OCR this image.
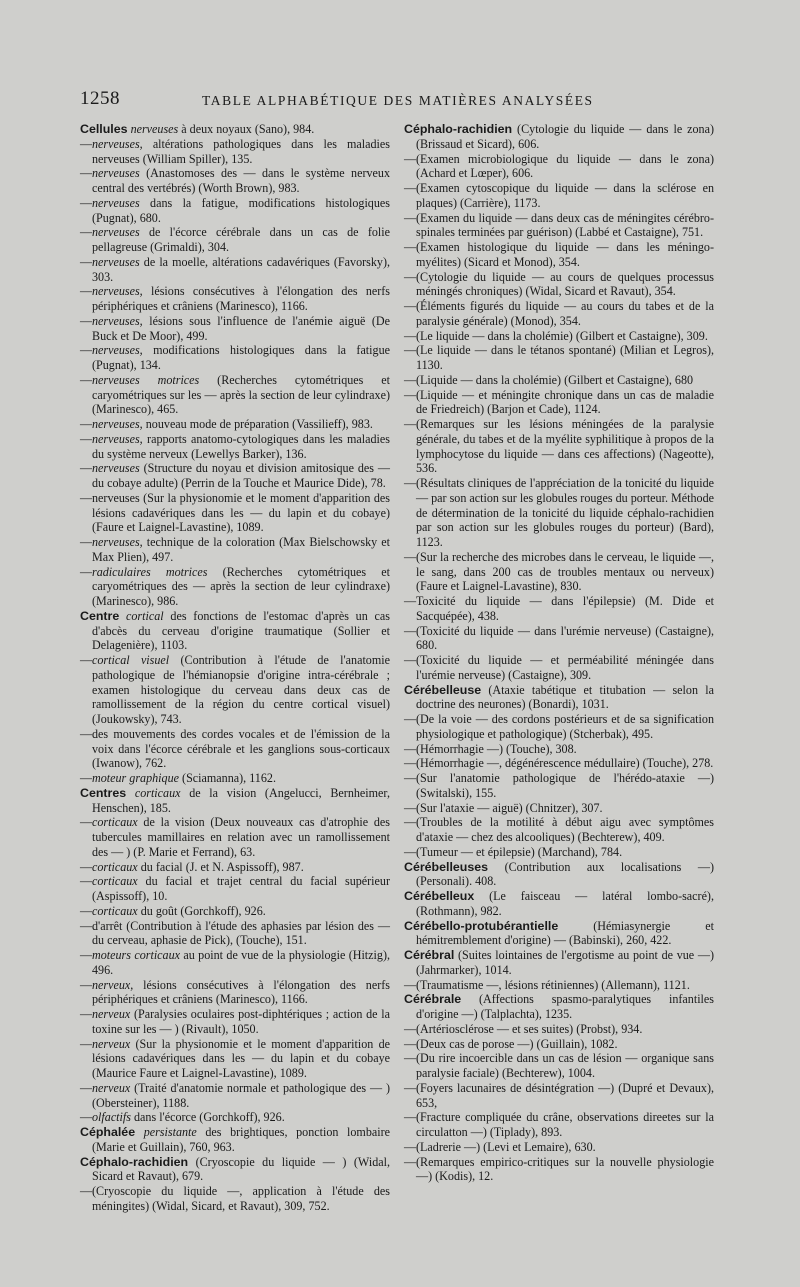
1258	TABLE ALPHABÉTIQUE DES MATIÈRES ANALYSÉES
Cellules nerveuses à deux noyaux (Sano), 984.
—nerveuses, altérations pathologiques dans les maladies nerveuses (William Spiller), 135.
—nerveuses (Anastomoses des — dans le système nerveux central des vertébrés) (Worth Brown), 983.
—nerveuses dans la fatigue, modifications histologiques (Pugnat), 680.
—nerveuses de l'écorce cérébrale dans un cas de folie pellagreuse (Grimaldi), 304.
—nerveuses de la moelle, altérations cadavériques (Favorsky), 303.
—nerveuses, lésions consécutives à l'élongation des nerfs périphériques et crâniens (Marinesco), 1166.
—nerveuses, lésions sous l'influence de l'anémie aiguë (De Buck et De Moor), 499.
—nerveuses, modifications histologiques dans la fatigue (Pugnat), 134.
—nerveuses motrices (Recherches cytométriques et caryométriques sur les — après la section de leur cylindraxe) (Marinesco), 465.
—nerveuses, nouveau mode de préparation (Vassilieff), 983.
—nerveuses, rapports anatomo-cytologiques dans les maladies du système nerveux (Lewellys Barker), 136.
—nerveuses (Structure du noyau et division amitosique des — du cobaye adulte) (Perrin de la Touche et Maurice Dide), 78.
—nerveuses (Sur la physionomie et le moment d'apparition des lésions cadavériques dans les — du lapin et du cobaye) (Faure et Laignel-Lavastine), 1089.
—nerveuses, technique de la coloration (Max Bielschowsky et Max Plien), 497.
—radiculaires motrices (Recherches cytométriques et caryométriques des — après la section de leur cylindraxe) (Marinesco), 986.
Centre cortical des fonctions de l'estomac d'après un cas d'abcès du cerveau d'origine traumatique (Sollier et Delagenière), 1103.
—cortical visuel (Contribution à l'étude de l'anatomie pathologique de l'hémianopsie d'origine intra-cérébrale ; examen histologique du cerveau dans deux cas de ramollissement de la région du centre cortical visuel) (Joukowsky), 743.
—des mouvements des cordes vocales et de l'émission de la voix dans l'écorce cérébrale et les ganglions sous-corticaux (Iwanow), 762.
—moteur graphique (Sciamanna), 1162.
Centres corticaux de la vision (Angelucci, Bernheimer, Henschen), 185.
—corticaux de la vision (Deux nouveaux cas d'atrophie des tubercules mamillaires en relation avec un ramollissement des — ) (P. Marie et Ferrand), 63.
—corticaux du facial (J. et N. Aspissoff), 987.
—corticaux du facial et trajet central du facial supérieur (Aspissoff), 10.
—corticaux du goût (Gorchkoff), 926.
—d'arrêt (Contribution à l'étude des aphasies par lésion des — du cerveau, aphasie de Pick), (Touche), 151.
—moteurs corticaux au point de vue de la physiologie (Hitzig), 496.
—nerveux, lésions consécutives à l'élongation des nerfs périphériques et crâniens (Marinesco), 1166.
—nerveux (Paralysies oculaires post-diphtériques ; action de la toxine sur les — ) (Rivault), 1050.
—nerveux (Sur la physionomie et le moment d'apparition de lésions cadavériques dans les — du lapin et du cobaye (Maurice Faure et Laignel-Lavastine), 1089.
—nerveux (Traité d'anatomie normale et pathologique des — ) (Obersteiner), 1188.
—olfactifs dans l'écorce (Gorchkoff), 926.
Céphalée persistante des brightiques, ponction lombaire (Marie et Guillain), 760, 963.
Céphalo-rachidien (Cryoscopie du liquide — ) (Widal, Sicard et Ravaut), 679.
—(Cryoscopie du liquide —, application à l'étude des méningites) (Widal, Sicard, et Ravaut), 309, 752.
Céphalo-rachidien (Cytologie du liquide — dans le zona) (Brissaud et Sicard), 606.
—(Examen microbiologique du liquide — dans le zona) (Achard et Lœper), 606.
—(Examen cytoscopique du liquide — dans la sclérose en plaques) (Carrière), 1173.
—(Examen du liquide — dans deux cas de méningites cérébro-spinales terminées par guérison) (Labbé et Castaigne), 751.
—(Examen histologique du liquide — dans les méningo-myélites) (Sicard et Monod), 354.
—(Cytologie du liquide — au cours de quelques processus méningés chroniques) (Widal, Sicard et Ravaut), 354.
—(Éléments figurés du liquide — au cours du tabes et de la paralysie générale) (Monod), 354.
—(Le liquide — dans la cholémie) (Gilbert et Castaigne), 309.
—(Le liquide — dans le tétanos spontané) (Milian et Legros), 1130.
—(Liquide — dans la cholémie) (Gilbert et Castaigne), 680
—(Liquide — et méningite chronique dans un cas de maladie de Friedreich) (Barjon et Cade), 1124.
—(Remarques sur les lésions méningées de la paralysie générale, du tabes et de la myélite syphilitique à propos de la lymphocytose du liquide — dans ces affections) (Nageotte), 536.
—(Résultats cliniques de l'appréciation de la tonicité du liquide — par son action sur les globules rouges du porteur. Méthode de détermination de la tonicité du liquide céphalo-rachidien par son action sur les globules rouges du porteur) (Bard), 1123.
—(Sur la recherche des microbes dans le cerveau, le liquide —, le sang, dans 200 cas de troubles mentaux ou nerveux) (Faure et Laignel-Lavastine), 830.
—Toxicité du liquide — dans l'épilepsie) (M. Dide et Sacquépée), 438.
—(Toxicité du liquide — dans l'urémie nerveuse) (Castaigne), 680.
—(Toxicité du liquide — et perméabilité méningée dans l'urémie nerveuse) (Castaigne), 309.
Cérébelleuse (Ataxie tabétique et titubation — selon la doctrine des neurones) (Bonardi), 1031.
—(De la voie — des cordons postérieurs et de sa signification physiologique et pathologique) (Stcherbak), 495.
—(Hémorrhagie —) (Touche), 308.
—(Hémorrhagie —, dégénérescence médullaire) (Touche), 278.
—(Sur l'anatomie pathologique de l'hérédo-ataxie —) (Switalski), 155.
—(Sur l'ataxie — aiguë) (Chnitzer), 307.
—(Troubles de la motilité à début aigu avec symptômes d'ataxie — chez des alcooliques) (Bechterew), 409.
—(Tumeur — et épilepsie) (Marchand), 784.
Cérébelleuses (Contribution aux localisations —) (Personali). 408.
Cérébelleux (Le faisceau — latéral lombo-sacré), (Rothmann), 982.
Cérébello-protubérantielle	(Hémiasynergie et hémitremblement d'origine) — (Babinski), 260, 422.
Cérébral (Suites lointaines de l'ergotisme au point de vue —) (Jahrmarker), 1014.
—(Traumatisme —, lésions rétiniennes) (Allemann), 1121.
Cérébrale (Affections spasmo-paralytiques infantiles d'origine —) (Talplachta), 1235.
—(Artériosclérose — et ses suites) (Probst), 934.
—(Deux cas de porose —) (Guillain), 1082.
—(Du rire incoercible dans un cas de lésion — organique sans paralysie faciale) (Bechterew), 1004.
—(Foyers lacunaires de désintégration —) (Dupré et Devaux), 653,
—(Fracture compliquée du crâne, observations direetes sur la circulatton —) (Tiplady), 893.
—(Ladrerie —) (Levi et Lemaire), 630.
—(Remarques empirico-critiques sur la nouvelle physiologie —) (Kodis), 12.
